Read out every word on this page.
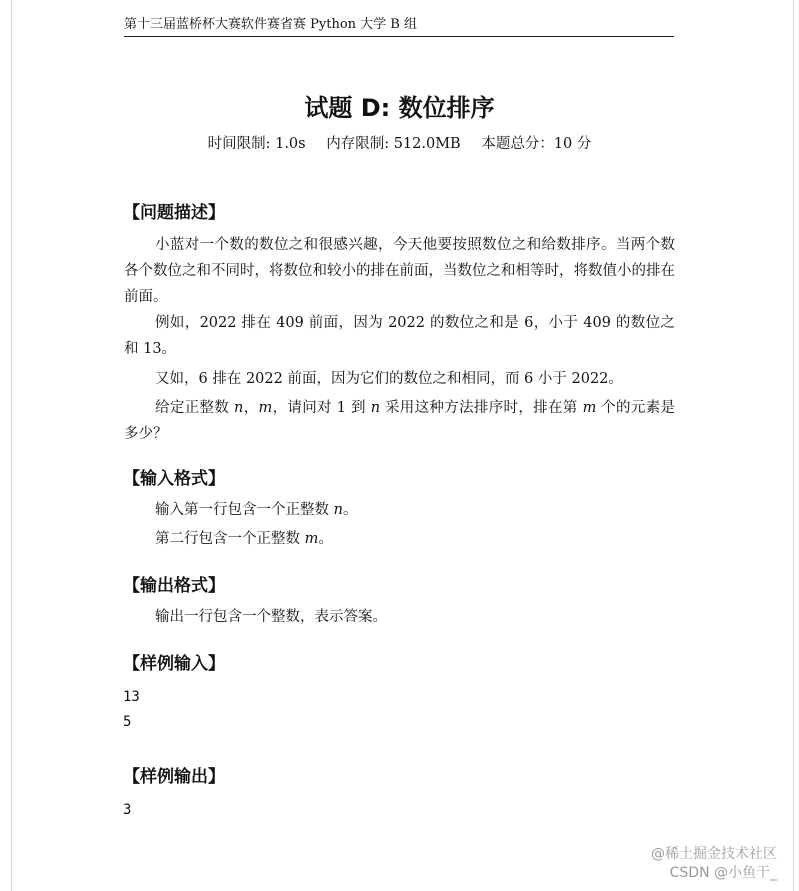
第十三届蓝桥杯大赛软件赛省赛 Python 大学 B 组
试题 D: 数位排序
时间限制: 1.0s 内存限制: 512.0MB 本题总分：10 分
【问题描述】
小蓝对一个数的数位之和很感兴趣，今天他要按照数位之和给数排序。当两个数各个数位之和不同时，将数位和较小的排在前面，当数位之和相等时，将数值小的排在前面。
例如，2022 排在 409 前面，因为 2022 的数位之和是 6，小于 409 的数位之和 13。
又如，6 排在 2022 前面，因为它们的数位之和相同，而 6 小于 2022。
给定正整数 n，m，请问对 1 到 n 采用这种方法排序时，排在第 m 个的元素是多少？
【输入格式】
输入第一行包含一个正整数 n。
第二行包含一个正整数 m。
【输出格式】
输出一行包含一个整数，表示答案。
【样例输入】
13
5
【样例输出】
3
@稀土掘金技术社区
CSDN @小鱼干_
